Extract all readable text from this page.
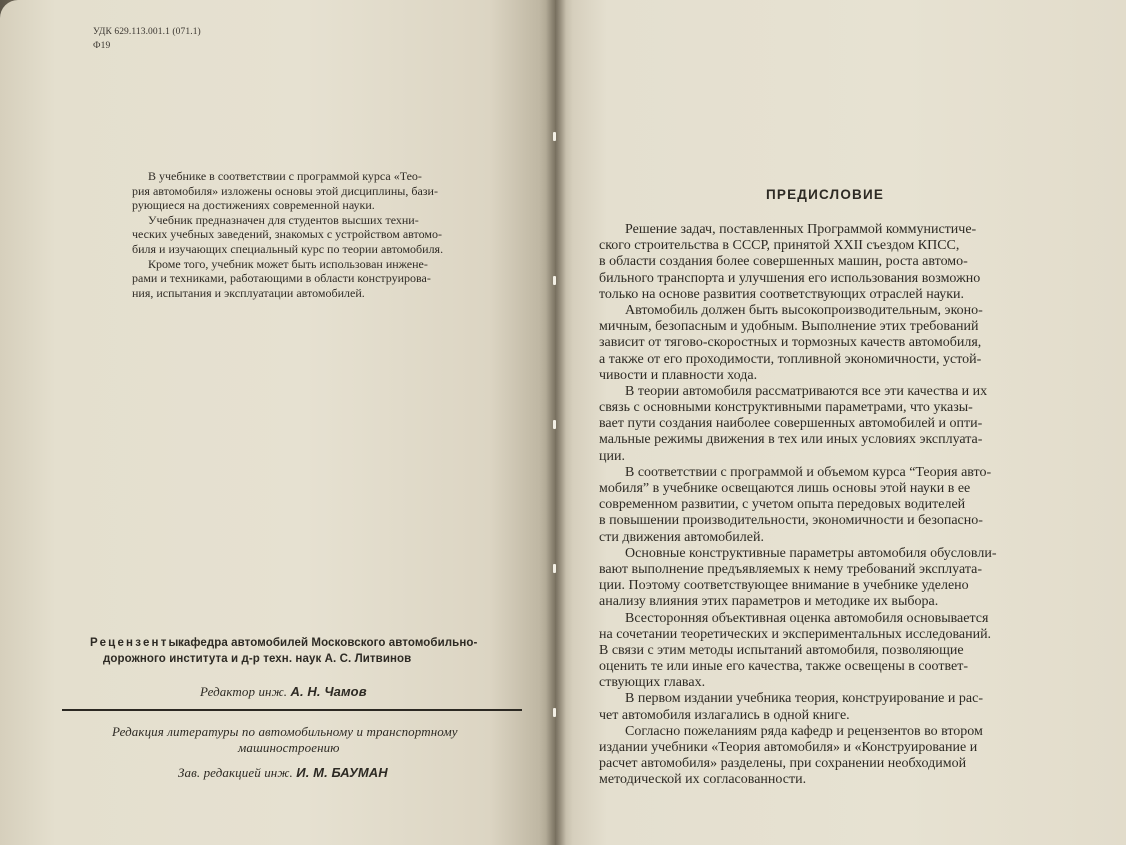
УДК 629.113.001.1 (071.1)

Ф19

В учебнике в соответствии с программой курса «Тео-
рия автомобиля» изложены основы этой дисциплины, бази-
рующиеся на достижениях современной науки.
Учебник предназначен для студентов высших техни-
ческих учебных заведений, знакомых с устройством автомо-
биля и изучающих специальный курс по теории автомобиля.
Кроме того, учебник может быть использован инжене-
рами и техниками, работающими в области конструирова-
ния, испытания и эксплуатации автомобилей.

Рецензенты:

кафедра автомобилей Московского автомобильно-

дорожного института и д-р техн. наук А. С. Литвинов

Редактор инж. А. Н. Чамов

Редакция литературы по автомобильному и транспортному

машиностроению

Зав. редакцией инж. И. М. БАУМАН

ПРЕДИСЛОВИЕ

Решение задач, поставленных Программой коммунистиче-
ского строительства в СССР, принятой XXII съездом КПСС,
в области создания более совершенных машин, роста автомо-
бильного транспорта и улучшения его использования возможно
только на основе развития соответствующих отраслей науки.
Автомобиль должен быть высокопроизводительным, эконо-
мичным, безопасным и удобным. Выполнение этих требований
зависит от тягово-скоростных и тормозных качеств автомобиля,
а также от его проходимости, топливной экономичности, устой-
чивости и плавности хода.
В теории автомобиля рассматриваются все эти качества и их
связь с основными конструктивными параметрами, что указы-
вает пути создания наиболее совершенных автомобилей и опти-
мальные режимы движения в тех или иных условиях эксплуата-
ции.
В соответствии с программой и объемом курса “Теория авто-
мобиля” в учебнике освещаются лишь основы этой науки в ее
современном развитии, с учетом опыта передовых водителей
в повышении производительности, экономичности и безопасно-
сти движения автомобилей.
Основные конструктивные параметры автомобиля обусловли-
вают выполнение предъявляемых к нему требований эксплуата-
ции. Поэтому соответствующее внимание в учебнике уделено
анализу влияния этих параметров и методике их выбора.
Всесторонняя объективная оценка автомобиля основывается
на сочетании теоретических и экспериментальных исследований.
В связи с этим методы испытаний автомобиля, позволяющие
оценить те или иные его качества, также освещены в соответ-
ствующих главах.
В первом издании учебника теория, конструирование и рас-
чет автомобиля излагались в одной книге.
Согласно пожеланиям ряда кафедр и рецензентов во втором
издании учебники «Теория автомобиля» и «Конструирование и
расчет автомобиля» разделены, при сохранении необходимой
методической их согласованности.
